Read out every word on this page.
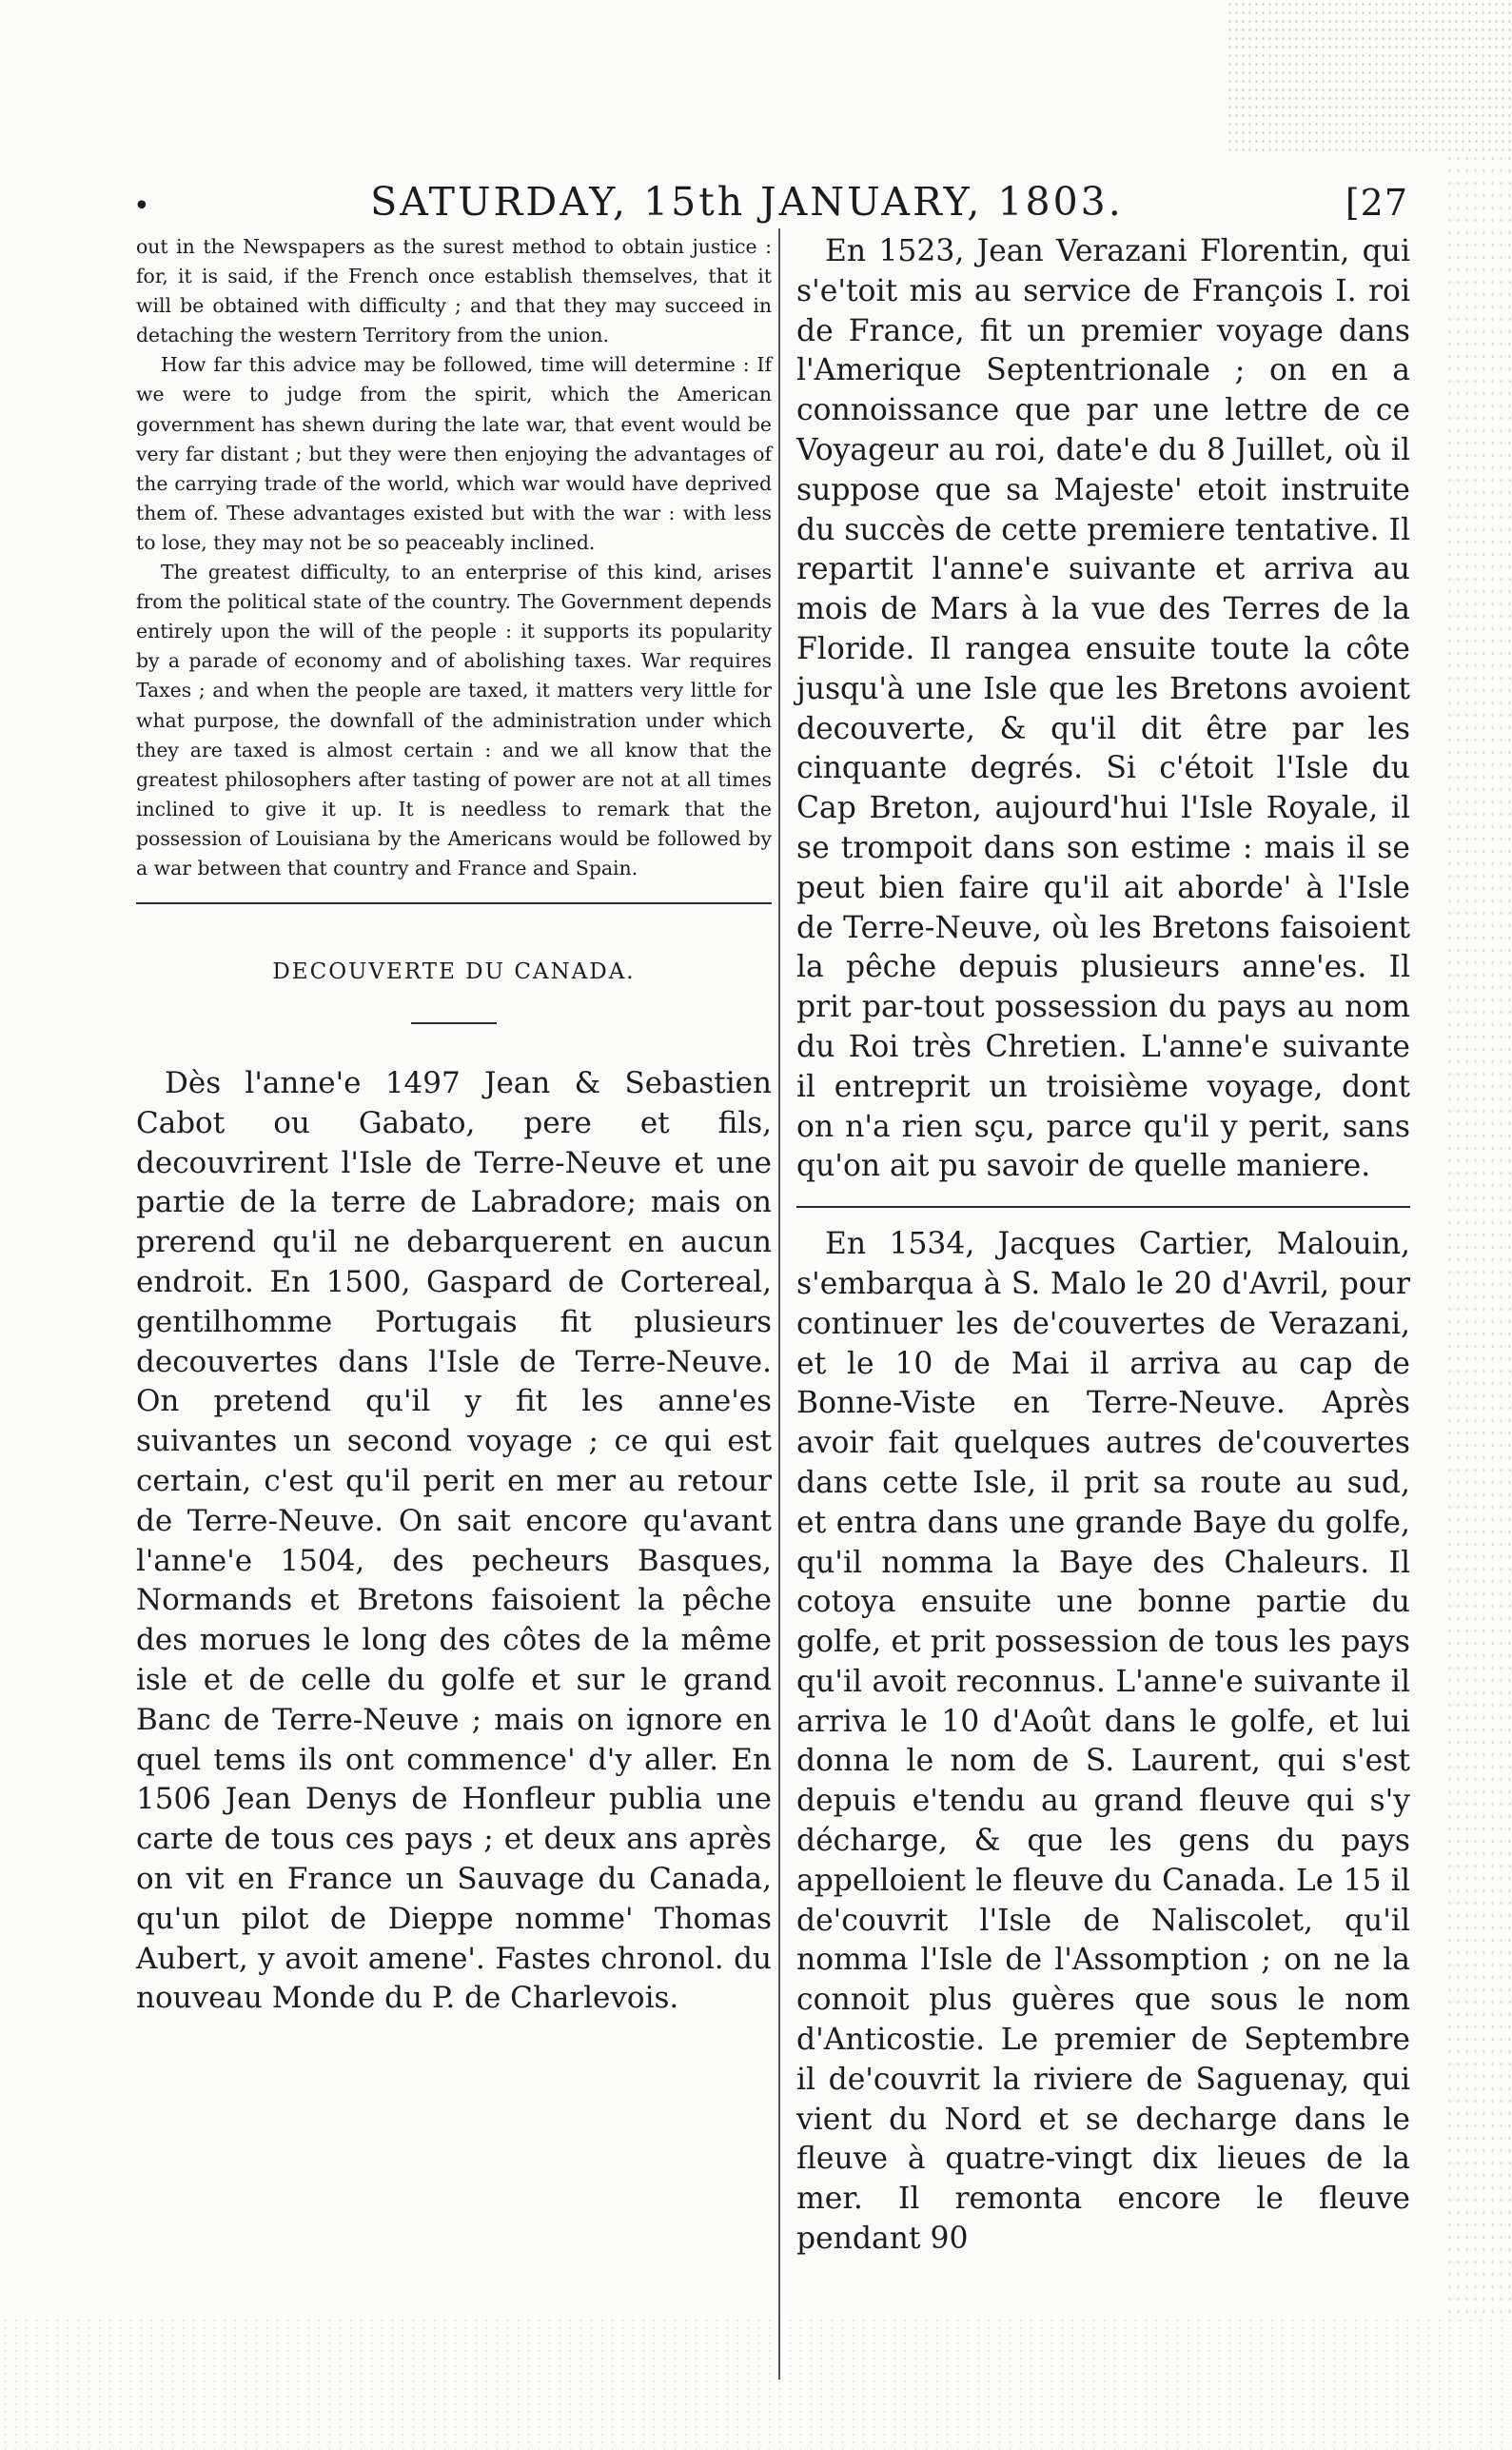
•	SATURDAY, 15th JANUARY, 1803.	[27

out in the Newspapers as the surest method to obtain justice : for, it is said, if the French once establish themselves, that it will be obtained with difficulty ; and that they may succeed in detaching the western Territory from the union.

How far this advice may be followed, time will determine : If we were to judge from the spirit, which the American government has shewn during the late war, that event would be very far distant ; but they were then enjoying the advantages of the carrying trade of the world, which war would have deprived them of. These advantages existed but with the war : with less to lose, they may not be so peaceably inclined.

The greatest difficulty, to an enterprise of this kind, arises from the political state of the country. The Government depends entirely upon the will of the people : it supports its popularity by a parade of economy and of abolishing taxes. War requires Taxes ; and when the people are taxed, it matters very little for what purpose, the downfall of the administration under which they are taxed is almost certain : and we all know that the greatest philosophers after tasting of power are not at all times inclined to give it up. It is needless to remark that the possession of Louisiana by the Americans would be followed by a war between that country and France and Spain.

DECOUVERTE DU CANADA.

Dès l'anne'e 1497 Jean & Sebastien Cabot ou Gabato, pere et fils, decouvrirent l'Isle de Terre-Neuve et une partie de la terre de Labradore; mais on prerend qu'il ne debarquerent en aucun endroit. En 1500, Gaspard de Cortereal, gentilhomme Portugais fit plusieurs decouvertes dans l'Isle de Terre-Neuve. On pretend qu'il y fit les anne'es suivantes un second voyage ; ce qui est certain, c'est qu'il perit en mer au retour de Terre-Neuve. On sait encore qu'avant l'anne'e 1504, des pecheurs Basques, Normands et Bretons faisoient la pêche des morues le long des côtes de la même isle et de celle du golfe et sur le grand Banc de Terre-Neuve ; mais on ignore en quel tems ils ont commence' d'y aller. En 1506 Jean Denys de Honfleur publia une carte de tous ces pays ; et deux ans après on vit en France un Sauvage du Canada, qu'un pilot de Dieppe nomme' Thomas Aubert, y avoit amene'. Fastes chronol. du nouveau Monde du P. de Charlevois.

En 1523, Jean Verazani Florentin, qui s'e'toit mis au service de François I. roi de France, fit un premier voyage dans l'Amerique Septentrionale ; on en a connoissance que par une lettre de ce Voyageur au roi, date'e du 8 Juillet, où il suppose que sa Majeste' etoit instruite du succès de cette premiere tentative. Il repartit l'anne'e suivante et arriva au mois de Mars à la vue des Terres de la Floride. Il rangea ensuite toute la côte jusqu'à une Isle que les Bretons avoient decouverte, & qu'il dit être par les cinquante degrés. Si c'étoit l'Isle du Cap Breton, aujourd'hui l'Isle Royale, il se trompoit dans son estime : mais il se peut bien faire qu'il ait aborde' à l'Isle de Terre-Neuve, où les Bretons faisoient la pêche depuis plusieurs anne'es. Il prit par-tout possession du pays au nom du Roi très Chretien. L'anne'e suivante il entreprit un troisième voyage, dont on n'a rien sçu, parce qu'il y perit, sans qu'on ait pu savoir de quelle maniere.

En 1534, Jacques Cartier, Malouin, s'embarqua à S. Malo le 20 d'Avril, pour continuer les de'couvertes de Verazani, et le 10 de Mai il arriva au cap de Bonne-Viste en Terre-Neuve. Après avoir fait quelques autres de'couvertes dans cette Isle, il prit sa route au sud, et entra dans une grande Baye du golfe, qu'il nomma la Baye des Chaleurs. Il cotoya ensuite une bonne partie du golfe, et prit possession de tous les pays qu'il avoit reconnus. L'anne'e suivante il arriva le 10 d'Août dans le golfe, et lui donna le nom de S. Laurent, qui s'est depuis e'tendu au grand fleuve qui s'y décharge, & que les gens du pays appelloient le fleuve du Canada. Le 15 il de'couvrit l'Isle de Naliscolet, qu'il nomma l'Isle de l'Assomption ; on ne la connoit plus guères que sous le nom d'Anticostie. Le premier de Septembre il de'couvrit la riviere de Saguenay, qui vient du Nord et se decharge dans le fleuve à quatre-vingt dix lieues de la mer. Il remonta encore le fleuve pendant 90
